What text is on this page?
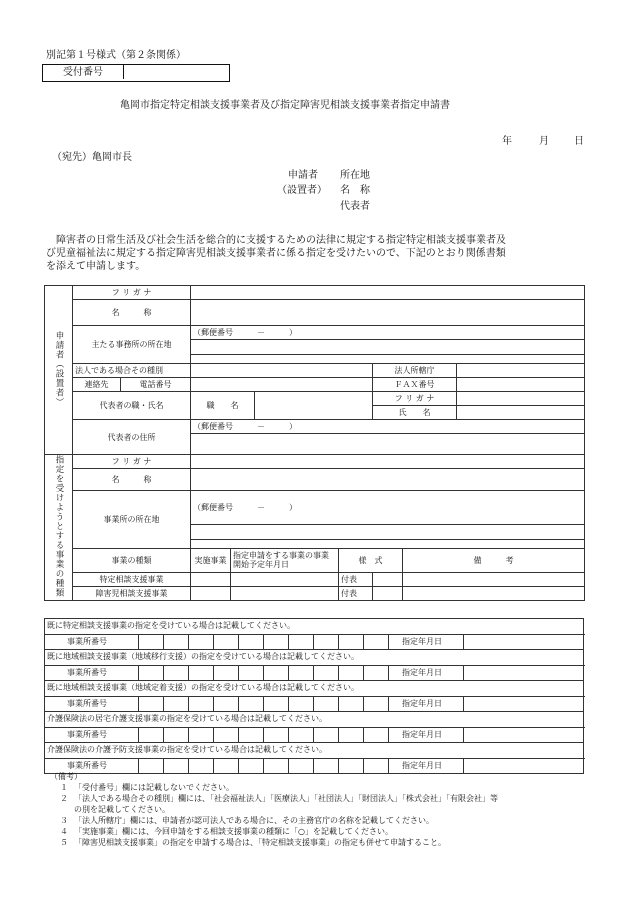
別記第１号様式（第２条関係）
受付番号
亀岡市指定特定相談支援事業者及び指定障害児相談支援事業者指定申請書
年	月	日
（宛先）亀岡市長
申請者
（設置者）
所在地
名　称
代表者
　障害者の日常生活及び社会生活を総合的に支援するための法律に規定する指定特定相談支援事業者及
び児童福祉法に規定する指定障害児相談支援事業者に係る指定を受けたいので、下記のとおり関係書類
を添えて申請します。
申請者（設置者）	フ リ ガ ナ								
	名　　　称								
	主たる事務所の所在地		（郵便番号　　　－　　　）						

	法人である場合その種別						法人所轄庁		
	連絡先	電話番号					ＦＡＸ番号		
	代表者の職・氏名		職　　名				フ リ ガ ナ		
							氏　　名		
	代表者の住所		（郵便番号　　　－　　　）						

指定を受けようとする事業の種類	フ リ ガ ナ								
	名　　　称								
	事業所の所在地		（郵便番号　　　－　　　）						

	事業の種類		実施事業	指定申請をする事業の事業開始予定年月日		様　式		備　　　考	
	特定相談支援事業					付表			
	障害児相談支援事業					付表			
既に特定相談支援事業の指定を受けている場合は記載してください。
事業所番号	指定年月日
既に地域相談支援事業（地域移行支援）の指定を受けている場合は記載してください。
事業所番号	指定年月日
既に地域相談支援事業（地域定着支援）の指定を受けている場合は記載してください。
事業所番号	指定年月日
介護保険法の居宅介護支援事業の指定を受けている場合は記載してください。
事業所番号	指定年月日
介護保険法の介護予防支援事業の指定を受けている場合は記載してください。
事業所番号	指定年月日
（備考）
１ 「受付番号」欄には記載しないでください。
２ 「法人である場合その種別」欄には、「社会福祉法人」「医療法人」「社団法人」「財団法人」「株式会社」「有限会社」等
の別を記載してください。
３ 「法人所轄庁」欄には、申請者が認可法人である場合に、その主務官庁の名称を記載してください。
４ 「実施事業」欄には、今回申請をする相談支援事業の種類に「○」を記載してください。
５ 「障害児相談支援事業」の指定を申請する場合は、「特定相談支援事業」の指定も併せて申請すること。
